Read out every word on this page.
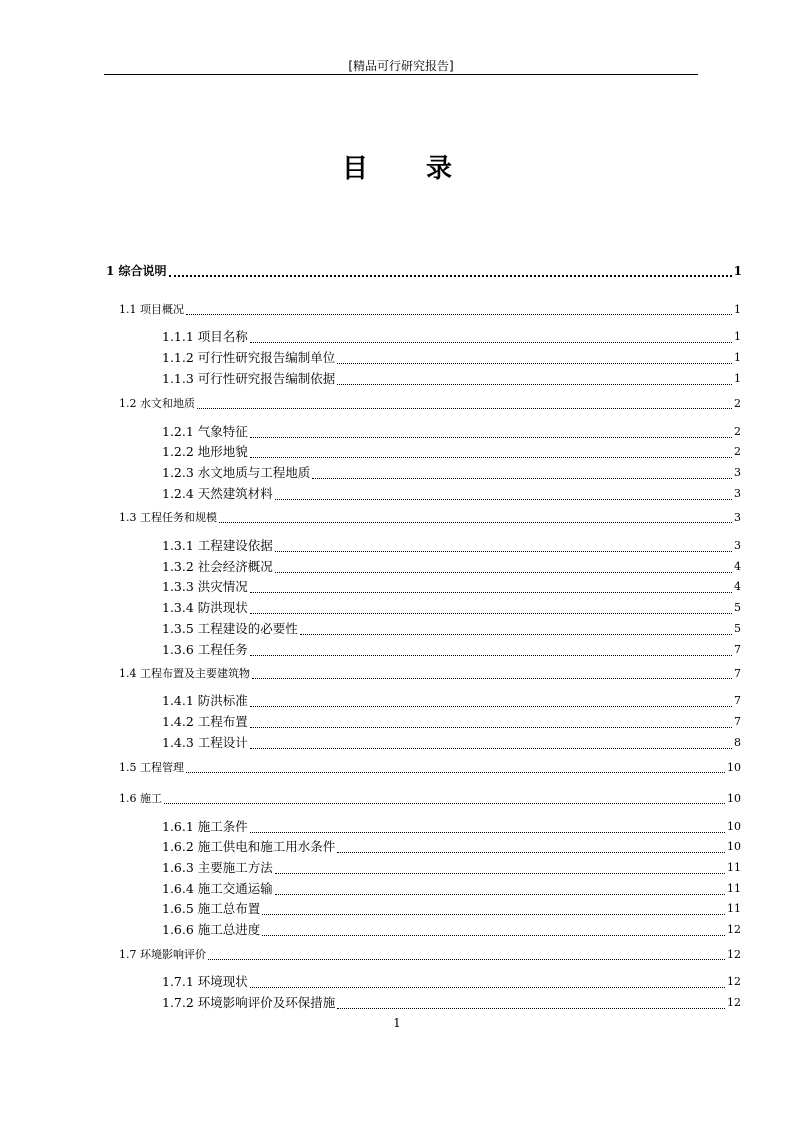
[精品可行研究报告]
目录
1 综合说明	1
1.1 项目概况	1
1.1.1 项目名称	1
1.1.2 可行性研究报告编制单位	1
1.1.3 可行性研究报告编制依据	1
1.2 水文和地质	2
1.2.1 气象特征	2
1.2.2 地形地貌	2
1.2.3 水文地质与工程地质	3
1.2.4 天然建筑材料	3
1.3 工程任务和规模	3
1.3.1 工程建设依据	3
1.3.2 社会经济概况	4
1.3.3 洪灾情况	4
1.3.4 防洪现状	5
1.3.5 工程建设的必要性	5
1.3.6 工程任务	7
1.4 工程布置及主要建筑物	7
1.4.1 防洪标准	7
1.4.2 工程布置	7
1.4.3 工程设计	8
1.5 工程管理	10
1.6 施工	10
1.6.1 施工条件	10
1.6.2 施工供电和施工用水条件	10
1.6.3 主要施工方法	11
1.6.4 施工交通运输	11
1.6.5 施工总布置	11
1.6.6 施工总进度	12
1.7 环境影响评价	12
1.7.1 环境现状	12
1.7.2 环境影响评价及环保措施	12
1
